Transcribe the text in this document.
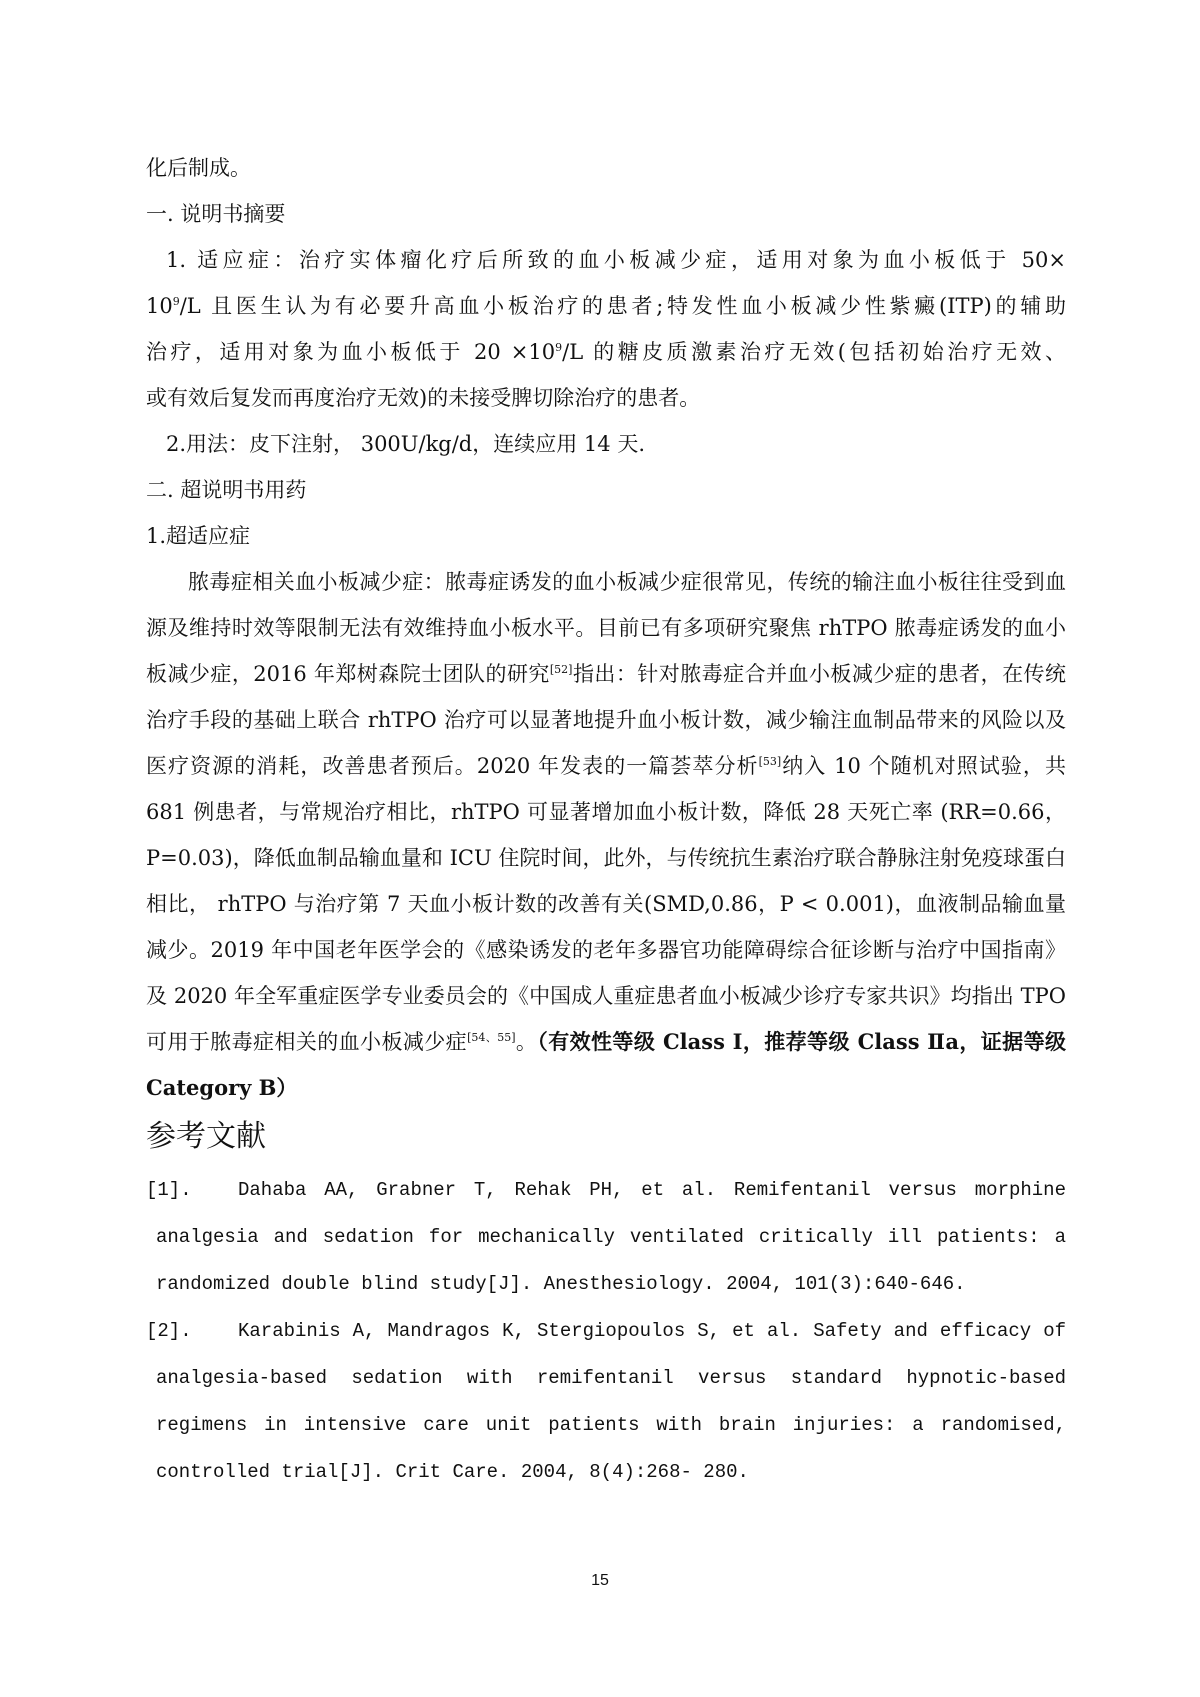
化后制成。

一. 说明书摘要

1. 适应症：治疗实体瘤化疗后所致的血小板减少症，适用对象为血小板低于 50×

$10^9/L$ 且医生认为有必要升高血小板治疗的患者;特发性血小板减少性紫癜(ITP)的辅助

治疗，适用对象为血小板低于 $20 \times 10^9/L$ 的糖皮质激素治疗无效(包括初始治疗无效、

或有效后复发而再度治疗无效)的未接受脾切除治疗的患者。

2.用法：皮下注射， 300U/kg/d，连续应用 14 天.

二. 超说明书用药

1.超适应症

脓毒症相关血小板减少症：脓毒症诱发的血小板减少症很常见，传统的输注血小板往往受到血源及维持时效等限制无法有效维持血小板水平。目前已有多项研究聚焦 rhTPO 脓毒症诱发的血小板减少症，2016 年郑树森院士团队的研究[52]指出：针对脓毒症合并血小板减少症的患者，在传统治疗手段的基础上联合 rhTPO 治疗可以显著地提升血小板计数，减少输注血制品带来的风险以及医疗资源的消耗，改善患者预后。2020 年发表的一篇荟萃分析[53]纳入 10 个随机对照试验，共 681 例患者，与常规治疗相比，rhTPO 可显著增加血小板计数，降低 28 天死亡率 (RR=0.66，P=0.03)，降低血制品输血量和 ICU 住院时间，此外，与传统抗生素治疗联合静脉注射免疫球蛋白相比， rhTPO 与治疗第 7 天血小板计数的改善有关(SMD,0.86，P < 0.001)，血液制品输血量减少。2019 年中国老年医学会的《感染诱发的老年多器官功能障碍综合征诊断与治疗中国指南》及 2020 年全军重症医学专业委员会的《中国成人重症患者血小板减少诊疗专家共识》均指出 TPO 可用于脓毒症相关的血小板减少症[54、55]。（有效性等级 Class I，推荐等级 Class Ⅱa，证据等级 Category B）

参考文献
[1].	Dahaba AA, Grabner T, Rehak PH, et al. Remifentanil versus morphine analgesia and sedation for mechanically ventilated critically ill patients: a randomized double blind study[J]. Anesthesiology. 2004, 101(3):640-646.
[2].	Karabinis A, Mandragos K, Stergiopoulos S, et al. Safety and efficacy of analgesia-based sedation with remifentanil versus standard hypnotic-based regimens in intensive care unit patients with brain injuries: a randomised, controlled trial[J]. Crit Care. 2004, 8(4):268- 280.
15
